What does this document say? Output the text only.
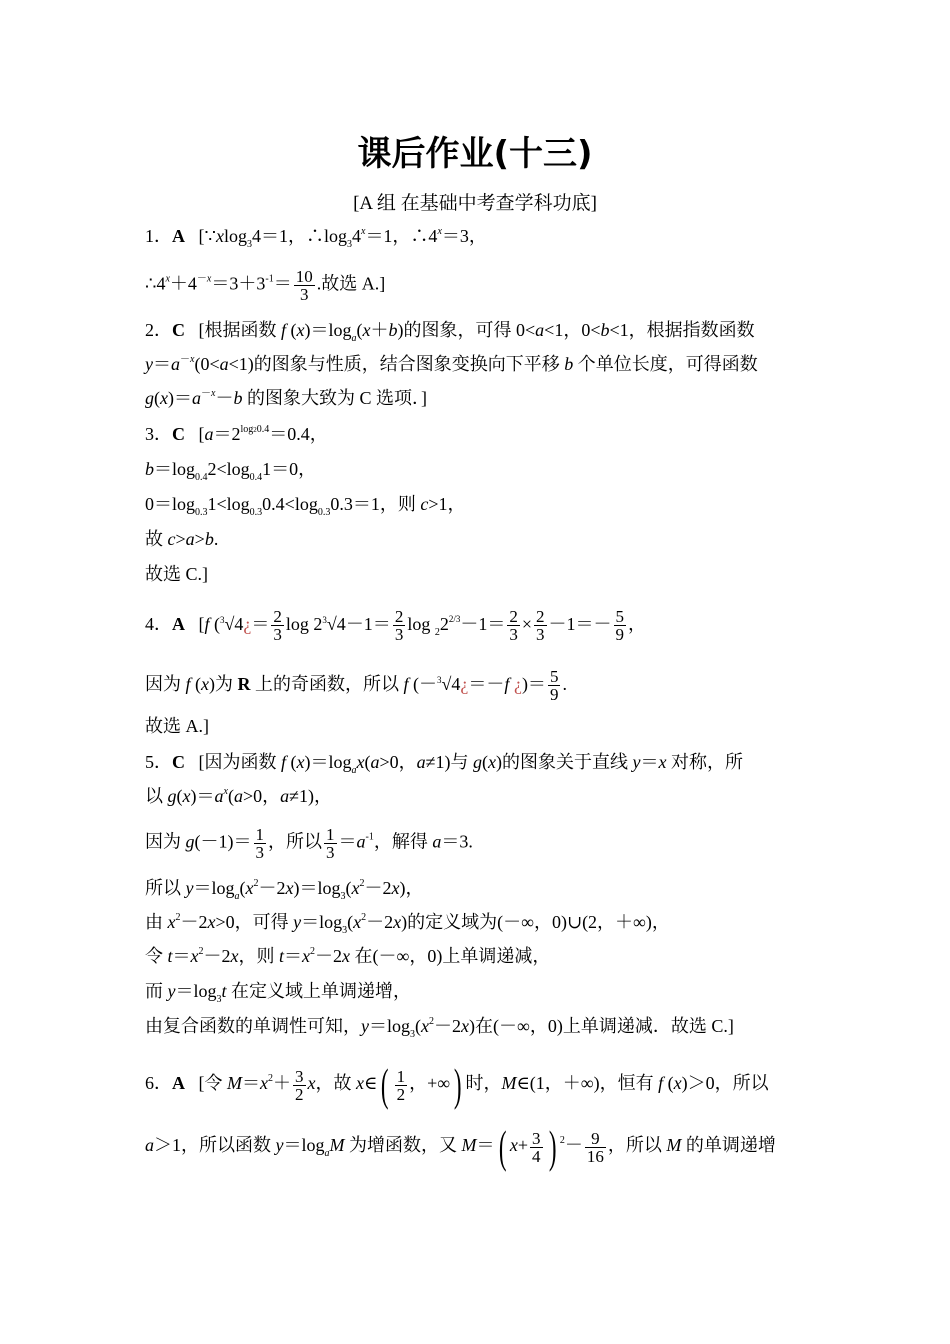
课后作业(十三)
[A 组 在基础中考查学科功底]
1．A   [∵xlog$_3$4＝1，$\therefore\log_34^x=1$，$\therefore 4^x=3$，
$\therefore 4^x+4^{-x}=3+3^{-1}= \frac{10}{3}$ .故选 A.]
2．C   [根据函数 f $(x)=\log_a(x+b)$的图象，可得 0<a<1，0<b<1，根据指数函数
$y=a^{-x}(0<a<1)$的图象与性质，结合图象变换向下平移 b 个单位长度，可得函数
$g(x)=a^{-x}-b$ 的图象大致为 C 选项．]
3．C   [$a=2^{log20.4}=0.4$，
$b=\log_{0.4}2<\log_{0.4}1=0$，
$0=\log_{0.3}1<\log_{0.3}0.4<\log_{0.3}0.3=1$，则 c>1，
故 c>a>b.
故选 C.]
4．A   [f ($^3$√4¿＝ $\frac{2}{3}$ $\log 2^3√4-1= \frac{2}{3}$ $\log _22^{2/3}-1= \frac{2}{3} \times \frac{2}{3} -1=- \frac{5}{9}$ ，
因为 f (x)为 R 上的奇函数，所以 f (－$^3$√4¿＝－f ¿)＝ $\frac{5}{9}$ .
故选 A.]
5．C   [因为函数 f $(x)=\log_ax(a>0$，a≠1)与 g(x)的图象关于直线 y＝x 对称，所
以 $g(x)=a^x(a>0$，a≠1)，
因为 $g(-1)= \frac{1}{3}$ ，所以 $\frac{1}{3} =a^{-1}$，解得 a＝3.
所以 $y=\log_a(x^2-2x)=\log_3(x^2-2x)$，
由 $x^2-2x>0$，可得 $y=\log_3(x^2-2x)$的定义域为(－∞，0)∪(2，＋∞)，
令 $t=x^2-2x$，则 $t=x^2-2x$ 在(－∞，0)上单调递减，
而 $y=\log_3t$ 在定义域上单调递增，
由复合函数的单调性可知，$y=\log_3(x^2-2x)$在(－∞，0)上单调递减．故选 C.]
6．A   [令 $M=x^2+ \frac{3}{2}$ x，故 x∈( $\frac{1}{2}$ ，+∞) 时，M∈(1，＋∞)，恒有 f (x)＞0，所以
a＞1，所以函数 $y=\log_aM$ 为增函数，又 M＝( $x+ \frac{3}{4}$ ) $^2- \frac{9}{16}$ ，所以 M 的单调递增
